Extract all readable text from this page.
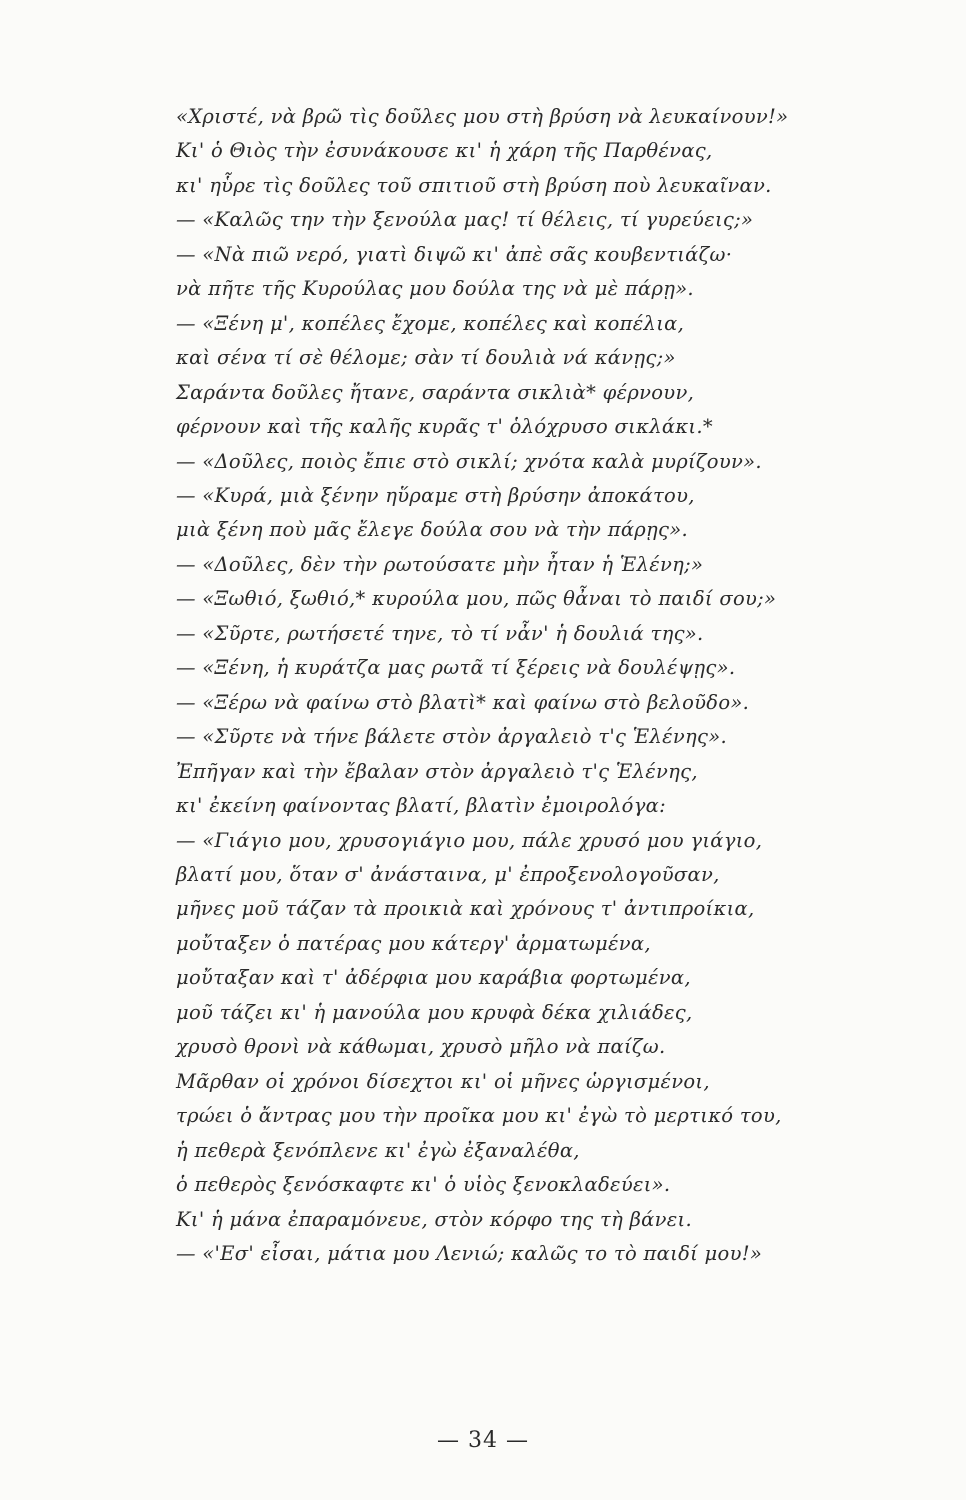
«Χριστέ, νὰ βρῶ τὶς δοῦλες μου στὴ βρύση νὰ λευκαίνουν!»
Κι' ὁ Θιὸς τὴν ἐσυνάκουσε κι' ἡ χάρη τῆς Παρθένας,
κι' ηὗρε τὶς δοῦλες τοῦ σπιτιοῦ στὴ βρύση ποὺ λευκαῖναν.
— «Καλῶς την τὴν ξενούλα μας! τί θέλεις, τί γυρεύεις;»
— «Νὰ πιῶ νερό, γιατὶ διψῶ κι' ἀπὲ σᾶς κουβεντιάζω·
νὰ πῆτε τῆς Κυρούλας μου δούλα της νὰ μὲ πάρῃ».
— «Ξένη μ', κοπέλες ἔχομε, κοπέλες καὶ κοπέλια,
καὶ σένα τί σὲ θέλομε; σὰν τί δουλιὰ νά κάνῃς;»
Σαράντα δοῦλες ἤτανε, σαράντα σικλιὰ* φέρνουν,
φέρνουν καὶ τῆς καλῆς κυρᾶς τ' ὁλόχρυσο σικλάκι.*
— «Δοῦλες, ποιὸς ἔπιε στὸ σικλί; χνότα καλὰ μυρίζουν».
— «Κυρά, μιὰ ξένην ηὕραμε στὴ βρύσην ἀποκάτου,
μιὰ ξένη ποὺ μᾶς ἔλεγε δούλα σου νὰ τὴν πάρῃς».
— «Δοῦλες, δὲν τὴν ρωτούσατε μὴν ἦταν ἡ Ἑλένη;»
— «Ξωθιό, ξωθιό,* κυρούλα μου, πῶς θἆναι τὸ παιδί σου;»
— «Σῦρτε, ρωτήσετέ τηνε, τὸ τί νἆν' ἡ δουλιά της».
— «Ξένη, ἡ κυράτζα μας ρωτᾶ τί ξέρεις νὰ δουλέψῃς».
— «Ξέρω νὰ φαίνω στὸ βλατὶ* καὶ φαίνω στὸ βελοῦδο».
— «Σῦρτε νὰ τήνε βάλετε στὸν ἀργαλειὸ τ'ς Ἑλένης».
Ἐπῆγαν καὶ τὴν ἔβαλαν στὸν ἀργαλειὸ τ'ς Ἑλένης,
κι' ἐκείνη φαίνοντας βλατί, βλατὶν ἐμοιρολόγα:
— «Γιάγιο μου, χρυσογιάγιο μου, πάλε χρυσό μου γιάγιο,
βλατί μου, ὅταν σ' ἀνάσταινα, μ' ἐπροξενολογοῦσαν,
μῆνες μοῦ τάζαν τὰ προικιὰ καὶ χρόνους τ' ἀντιπροίκια,
μοὔταξεν ὁ πατέρας μου κάτεργ' ἀρματωμένα,
μοὔταξαν καὶ τ' ἀδέρφια μου καράβια φορτωμένα,
μοῦ τάζει κι' ἡ μανούλα μου κρυφὰ δέκα χιλιάδες,
χρυσὸ θρονὶ νὰ κάθωμαι, χρυσὸ μῆλο νὰ παίζω.
Μᾶρθαν οἱ χρόνοι δίσεχτοι κι' οἱ μῆνες ὡργισμένοι,
τρώει ὁ ἄντρας μου τὴν προῖκα μου κι' ἐγὼ τὸ μερτικό του,
ἡ πεθερὰ ξενόπλενε κι' ἐγὼ ἐξαναλέθα,
ὁ πεθερὸς ξενόσκαφτε κι' ὁ υἱὸς ξενοκλαδεύει».
Κι' ἡ μάνα ἐπαραμόνευε, στὸν κόρφο της τὴ βάνει.
— «'Εσ' εἶσαι, μάτια μου Λενιώ; καλῶς το τὸ παιδί μου!»
— 34 —
